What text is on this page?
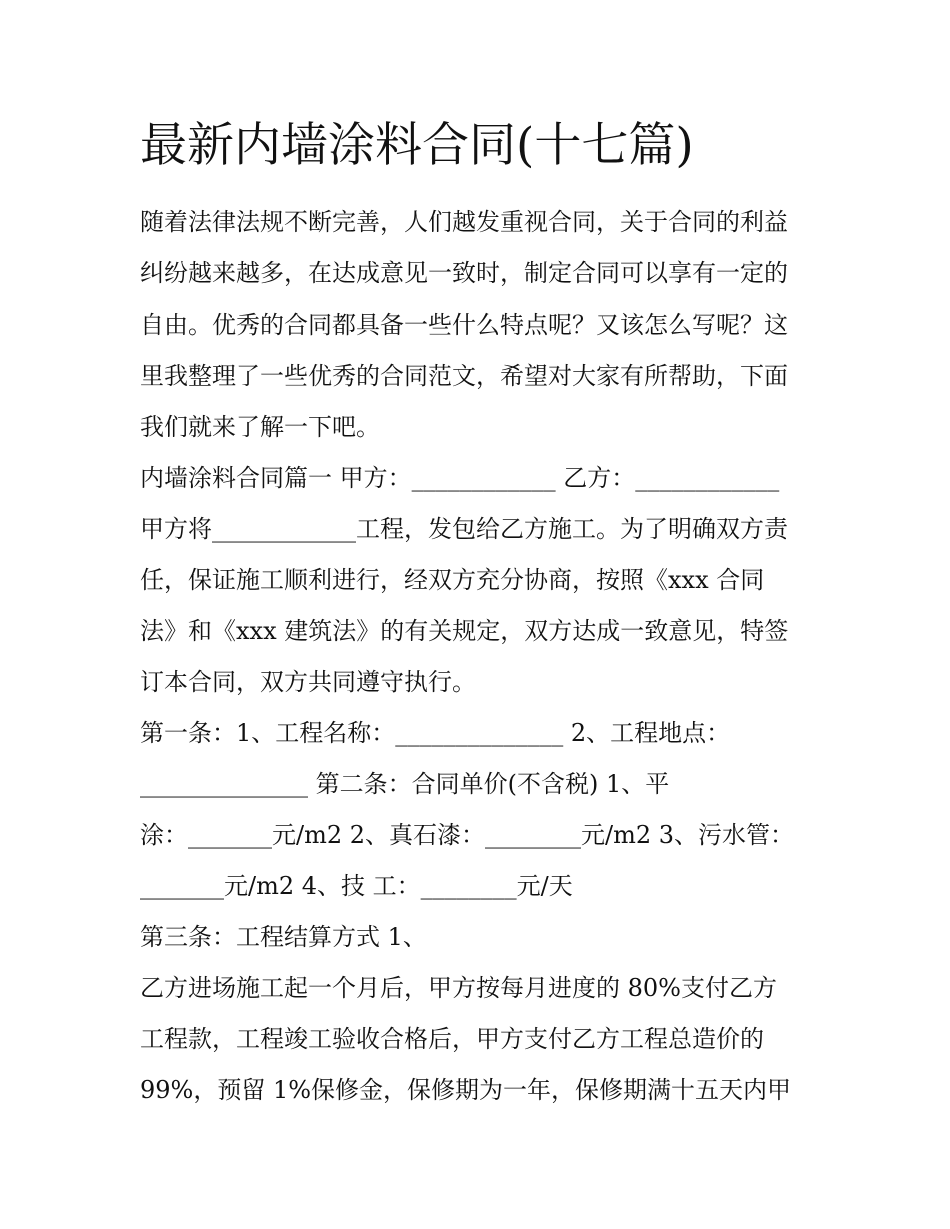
最新内墙涂料合同(十七篇)
随着法律法规不断完善，人们越发重视合同，关于合同的利益
纠纷越来越多，在达成意见一致时，制定合同可以享有一定的
自由。优秀的合同都具备一些什么特点呢？又该怎么写呢？这
里我整理了一些优秀的合同范文，希望对大家有所帮助，下面
我们就来了解一下吧。
内墙涂料合同篇一 甲方：____________ 乙方：____________
甲方将____________工程，发包给乙方施工。为了明确双方责
任，保证施工顺利进行，经双方充分协商，按照《xxx 合同
法》和《xxx 建筑法》的有关规定，双方达成一致意见，特签
订本合同，双方共同遵守执行。
第一条：1、工程名称：______________ 2、工程地点：
______________ 第二条：合同单价(不含税) 1、平
涂：_______元/m2 2、真石漆：________元/m2 3、污水管：
_______元/m2 4、技 工：________元/天
第三条：工程结算方式 1、
乙方进场施工起一个月后，甲方按每月进度的 80%支付乙方
工程款，工程竣工验收合格后，甲方支付乙方工程总造价的
99%，预留 1%保修金，保修期为一年，保修期满十五天内甲
